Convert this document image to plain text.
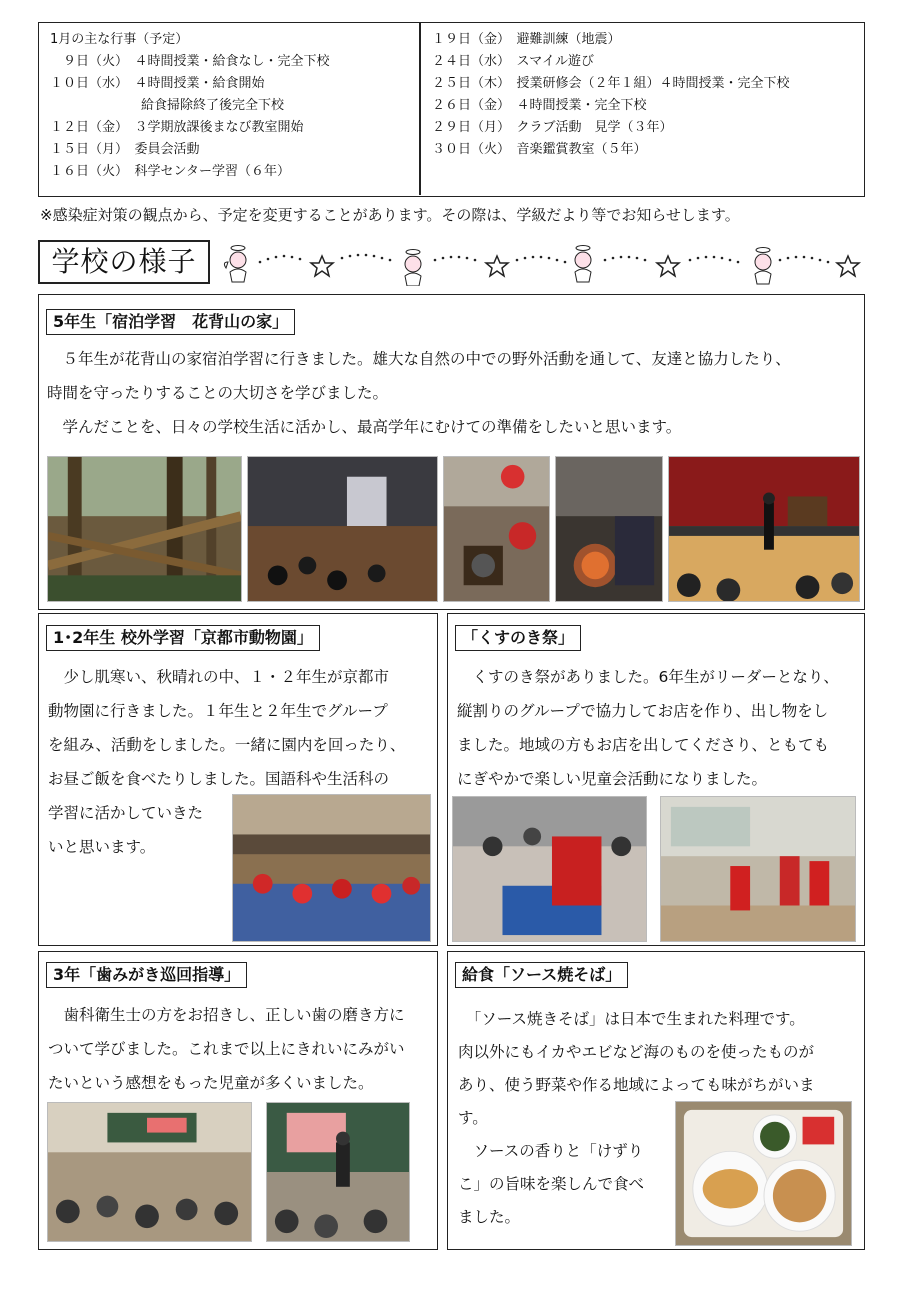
1月の主な行事（予定）
　９日（火）　４時間授業・給食なし・完全下校
１０日（水）　４時間授業・給食開始
　　　　　　　給食掃除終了後完全下校
１２日（金）　３学期放課後まなび教室開始
１５日（月）　委員会活動
１６日（火）　科学センター学習（６年）
１９日（金）　避難訓練（地震）
２４日（水）　スマイル遊び
２５日（木）　授業研修会（２年１組）４時間授業・完全下校
２６日（金）　４時間授業・完全下校
２９日（月）　クラブ活動　見学（３年）
３０日（火）　音楽鑑賞教室（５年）
※感染症対策の観点から、予定を変更することがあります。その際は、学級だより等でお知らせします。
学校の様子
5年生「宿泊学習　花背山の家」
　５年生が花背山の家宿泊学習に行きました。雄大な自然の中での野外活動を通して、友達と協力したり、
時間を守ったりすることの大切さを学びました。
　学んだことを、日々の学校生活に活かし、最高学年にむけての準備をしたいと思います。
1･2年生 校外学習「京都市動物園」
　少し肌寒い、秋晴れの中、１・２年生が京都市
動物園に行きました。１年生と２年生でグループ
を組み、活動をしました。一緒に園内を回ったり、
お昼ご飯を食べたりしました。国語科や生活科の
学習に活かしていきた
いと思います。
「くすのき祭」
　くすのき祭がありました。6年生がリーダーとなり、
縦割りのグループで協力してお店を作り、出し物をし
ました。地域の方もお店を出してくださり、ともても
にぎやかで楽しい児童会活動になりました。
3年「歯みがき巡回指導」
　歯科衛生士の方をお招きし、正しい歯の磨き方に
ついて学びました。これまで以上にきれいにみがい
たいという感想をもった児童が多くいました。
給食「ソース焼そば」
　「ソース焼きそば」は日本で生まれた料理です。
肉以外にもイカやエビなど海のものを使ったものが
あり、使う野菜や作る地域によっても味がちがいま
す。
　ソースの香りと「けずり
こ」の旨味を楽しんで食べ
ました。
